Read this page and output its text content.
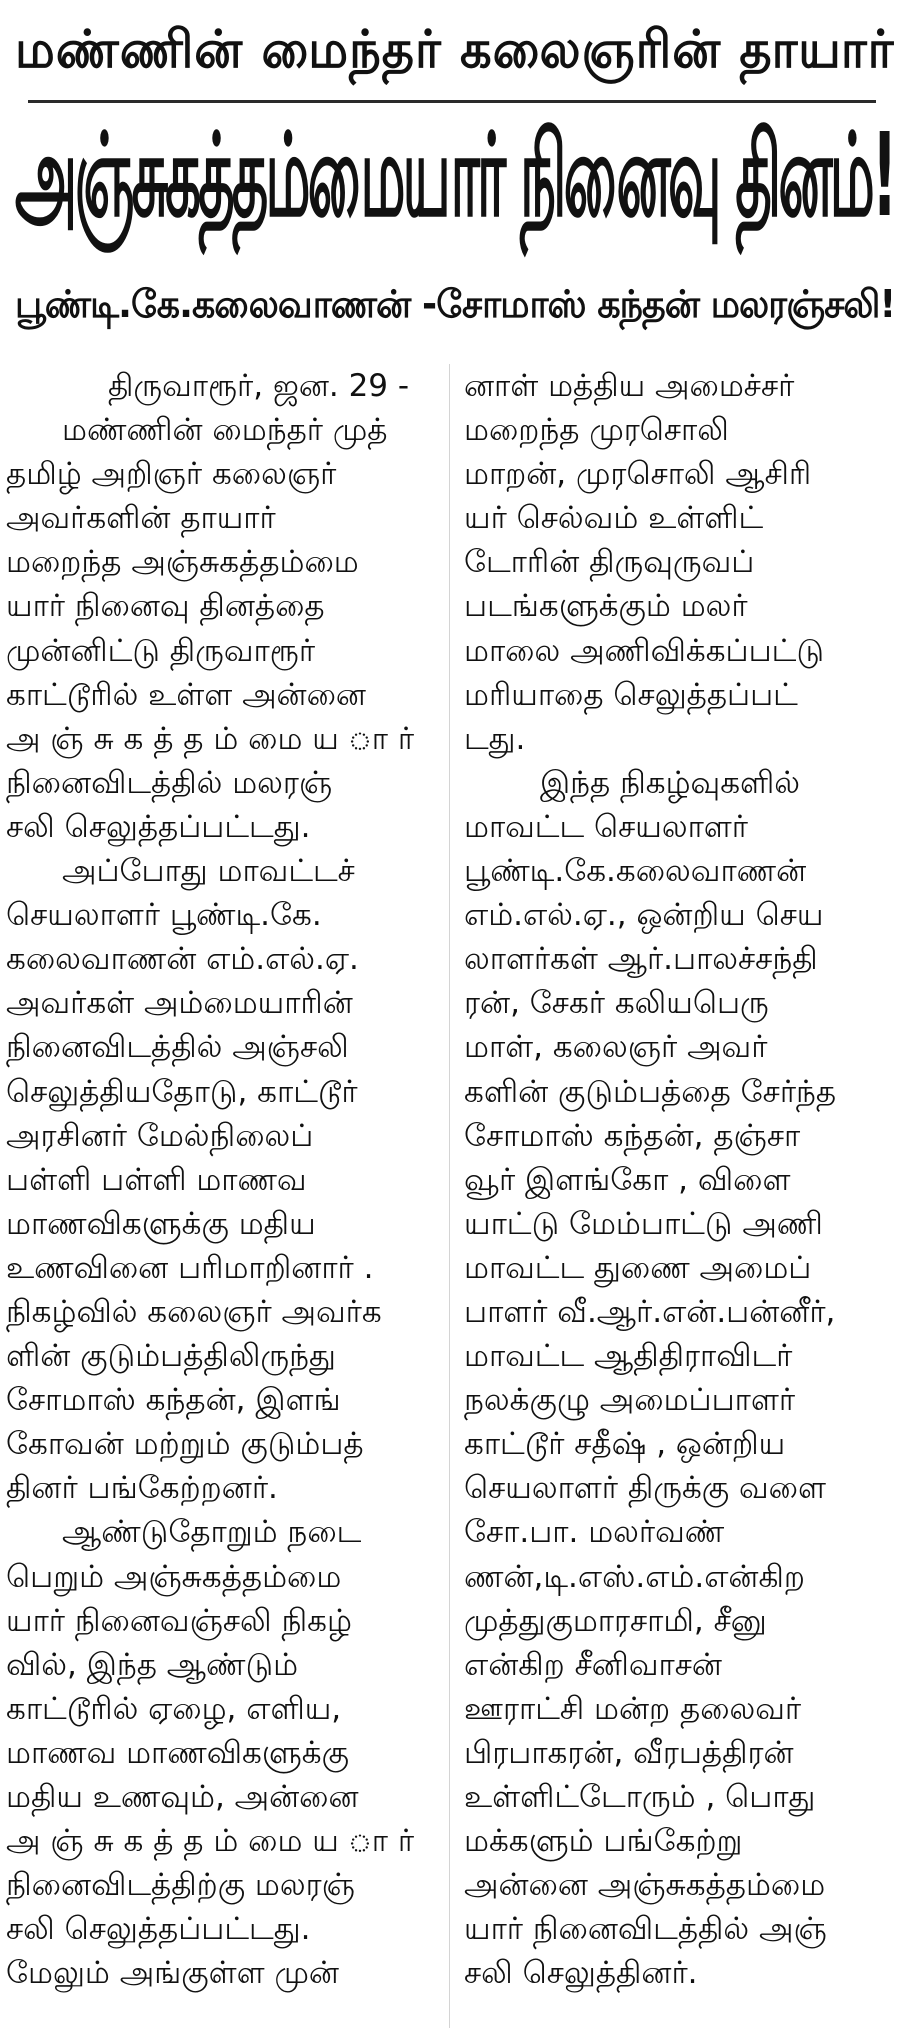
மண்ணின் மைந்தர் கலைஞரின் தாயார்
அஞ்சுகத்தம்மையார் நினைவு தினம்!
பூண்டி.கே.கலைவாணன் -சோமாஸ் கந்தன் மலரஞ்சலி!
திருவாரூர், ஜன. 29 -
மண்ணின் மைந்தர் முத்
தமிழ் அறிஞர் கலைஞர்
அவர்களின் தாயார்
மறைந்த அஞ்சுகத்தம்மை
யார் நினைவு தினத்தை
முன்னிட்டு திருவாரூர்
காட்டூரில் உள்ள அன்னை
அ ஞ் சு க த் த ம் மை ய ா ர்
நினைவிடத்தில் மலரஞ்
சலி செலுத்தப்பட்டது.
அப்போது மாவட்டச்
செயலாளர் பூண்டி.கே.
கலைவாணன் எம்.எல்.ஏ.
அவர்கள் அம்மையாரின்
நினைவிடத்தில் அஞ்சலி
செலுத்தியதோடு, காட்டூர்
அரசினர் மேல்நிலைப்
பள்ளி பள்ளி மாணவ
மாணவிகளுக்கு மதிய
உணவினை பரிமாறினார் .
நிகழ்வில் கலைஞர் அவர்க
ளின் குடும்பத்திலிருந்து
சோமாஸ் கந்தன், இளங்
கோவன் மற்றும் குடும்பத்
தினர் பங்கேற்றனர்.
ஆண்டுதோறும் நடை
பெறும் அஞ்சுகத்தம்மை
யார் நினைவஞ்சலி நிகழ்
வில், இந்த ஆண்டும்
காட்டூரில் ஏழை, எளிய,
மாணவ மாணவிகளுக்கு
மதிய உணவும், அன்னை
அ ஞ் சு க த் த ம் மை ய ா ர்
நினைவிடத்திற்கு மலரஞ்
சலி செலுத்தப்பட்டது.
மேலும் அங்குள்ள முன்
னாள் மத்திய அமைச்சர்
மறைந்த முரசொலி
மாறன், முரசொலி ஆசிரி
யர் செல்வம் உள்ளிட்
டோரின் திருவுருவப்
படங்களுக்கும் மலர்
மாலை அணிவிக்கப்பட்டு
மரியாதை செலுத்தப்பட்
டது.
இந்த நிகழ்வுகளில்
மாவட்ட செயலாளர்
பூண்டி.கே.கலைவாணன்
எம்.எல்.ஏ., ஒன்றிய செய
லாளர்கள் ஆர்.பாலச்சந்தி
ரன், சேகர் கலியபெரு
மாள், கலைஞர் அவர்
களின் குடும்பத்தை சேர்ந்த
சோமாஸ் கந்தன், தஞ்சா
வூர் இளங்கோ , விளை
யாட்டு மேம்பாட்டு அணி
மாவட்ட துணை அமைப்
பாளர் வீ.ஆர்.என்.பன்னீர்,
மாவட்ட ஆதிதிராவிடர்
நலக்குழு அமைப்பாளர்
காட்டூர் சதீஷ் , ஒன்றிய
செயலாளர் திருக்கு வளை
சோ.பா. மலர்வண்
ணன்,டி.எஸ்.எம்.என்கிற
முத்துகுமாரசாமி, சீனு
என்கிற சீனிவாசன்
ஊராட்சி மன்ற தலைவர்
பிரபாகரன், வீரபத்திரன்
உள்ளிட்டோரும் , பொது
மக்களும் பங்கேற்று
அன்னை அஞ்சுகத்தம்மை
யார் நினைவிடத்தில் அஞ்
சலி செலுத்தினர்.
